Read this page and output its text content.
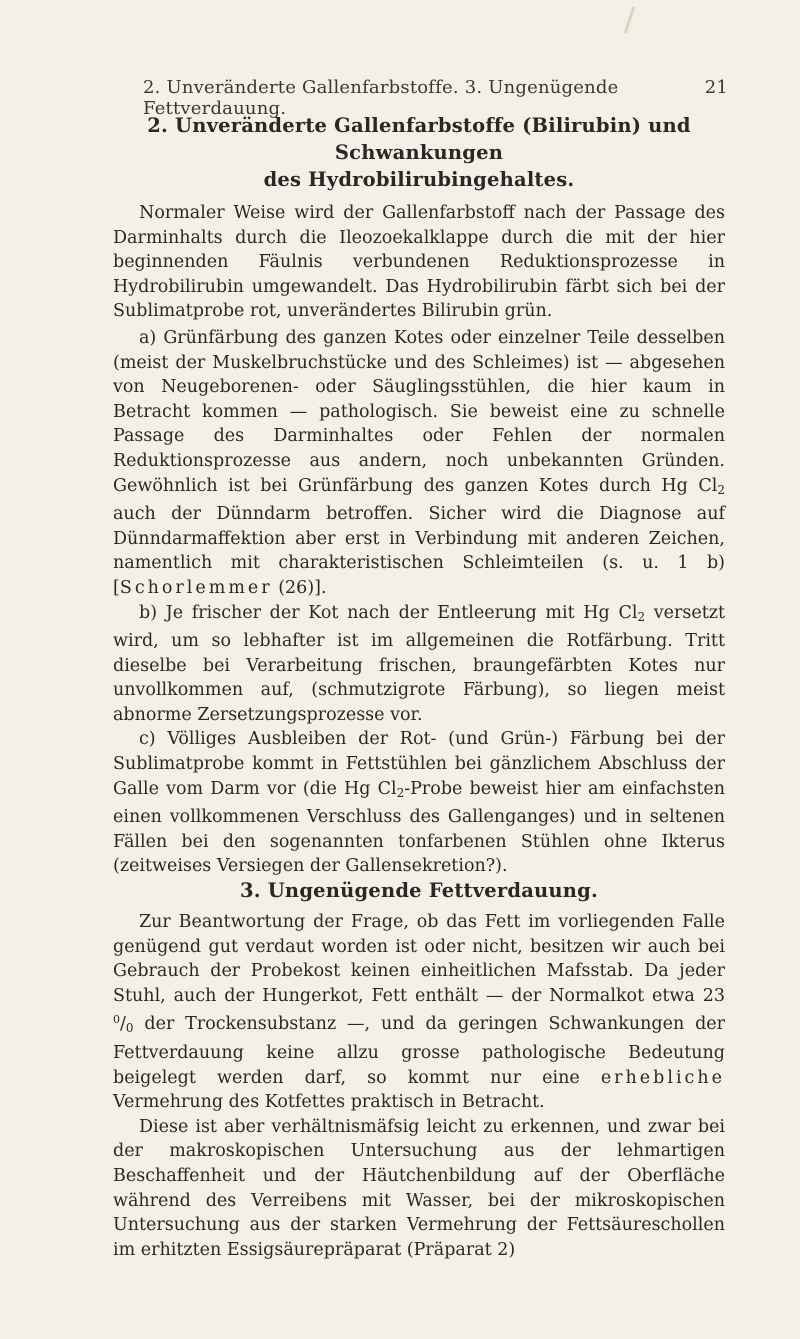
2. Unveränderte Gallenfarbstoffe. 3. Ungenügende Fettverdauung.
21
2. Unveränderte Gallenfarbstoffe (Bilirubin) und Schwankungen
des Hydrobilirubingehaltes.

Normaler Weise wird der Gallenfarbstoff nach der Passage des Darminhalts durch die Ileozoekalklappe durch die mit der hier beginnenden Fäulnis verbundenen Reduktionsprozesse in Hydrobilirubin umgewandelt. Das Hydrobilirubin färbt sich bei der Sublimatprobe rot, unverändertes Bilirubin grün.

a) Grünfärbung des ganzen Kotes oder einzelner Teile desselben (meist der Muskelbruchstücke und des Schleimes) ist — abgesehen von Neugeborenen- oder Säuglingsstühlen, die hier kaum in Betracht kommen — pathologisch. Sie beweist eine zu schnelle Passage des Darminhaltes oder Fehlen der normalen Reduktionsprozesse aus andern, noch unbekannten Gründen. Gewöhnlich ist bei Grünfärbung des ganzen Kotes durch Hg $Cl_2$ auch der Dünndarm betroffen. Sicher wird die Diagnose auf Dünndarmaffektion aber erst in Verbindung mit anderen Zeichen, namentlich mit charakteristischen Schleimteilen (s. u. 1 b) [Schorlemmer (26)].

b) Je frischer der Kot nach der Entleerung mit Hg $Cl_2$ versetzt wird, um so lebhafter ist im allgemeinen die Rotfärbung. Tritt dieselbe bei Verarbeitung frischen, braungefärbten Kotes nur unvollkommen auf, (schmutzigrote Färbung), so liegen meist abnorme Zersetzungsprozesse vor.

c) Völliges Ausbleiben der Rot- (und Grün-) Färbung bei der Sublimatprobe kommt in Fettstühlen bei gänzlichem Abschluss der Galle vom Darm vor (die Hg $Cl_2$-Probe beweist hier am einfachsten einen vollkommenen Verschluss des Gallenganges) und in seltenen Fällen bei den sogenannten tonfarbenen Stühlen ohne Ikterus (zeitweises Versiegen der Gallensekretion?).

3. Ungenügende Fettverdauung.

Zur Beantwortung der Frage, ob das Fett im vorliegenden Falle genügend gut verdaut worden ist oder nicht, besitzen wir auch bei Gebrauch der Probekost keinen einheitlichen Mafsstab. Da jeder Stuhl, auch der Hungerkot, Fett enthält — der Normalkot etwa 23 $^0/_0$ der Trockensubstanz —, und da geringen Schwankungen der Fettverdauung keine allzu grosse pathologische Bedeutung beigelegt werden darf, so kommt nur eine erhebliche Vermehrung des Kotfettes praktisch in Betracht.

Diese ist aber verhältnismäfsig leicht zu erkennen, und zwar bei der makroskopischen Untersuchung aus der lehmartigen Beschaffenheit und der Häutchenbildung auf der Oberfläche während des Verreibens mit Wasser, bei der mikroskopischen Untersuchung aus der starken Vermehrung der Fettsäureschollen im erhitzten Essigsäurepräparat (Präparat 2)
